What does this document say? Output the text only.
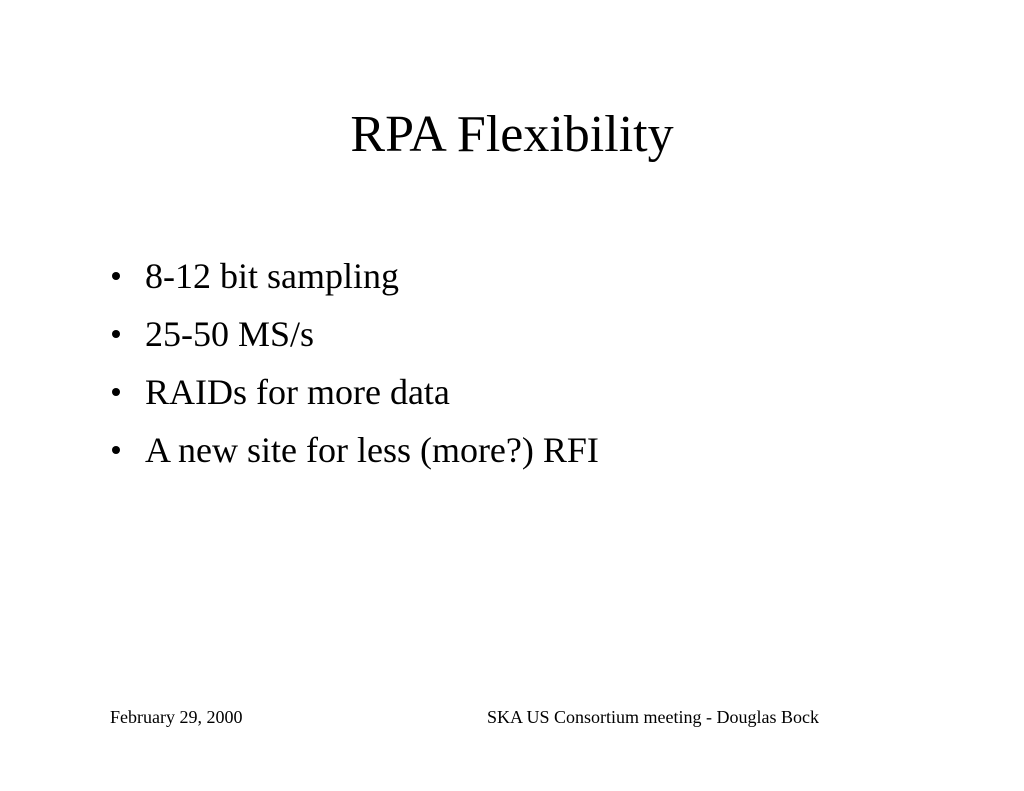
RPA Flexibility
8-12 bit sampling
25-50 MS/s
RAIDs for more data
A new site for less (more?) RFI
February 29, 2000	SKA US Consortium meeting - Douglas Bock
